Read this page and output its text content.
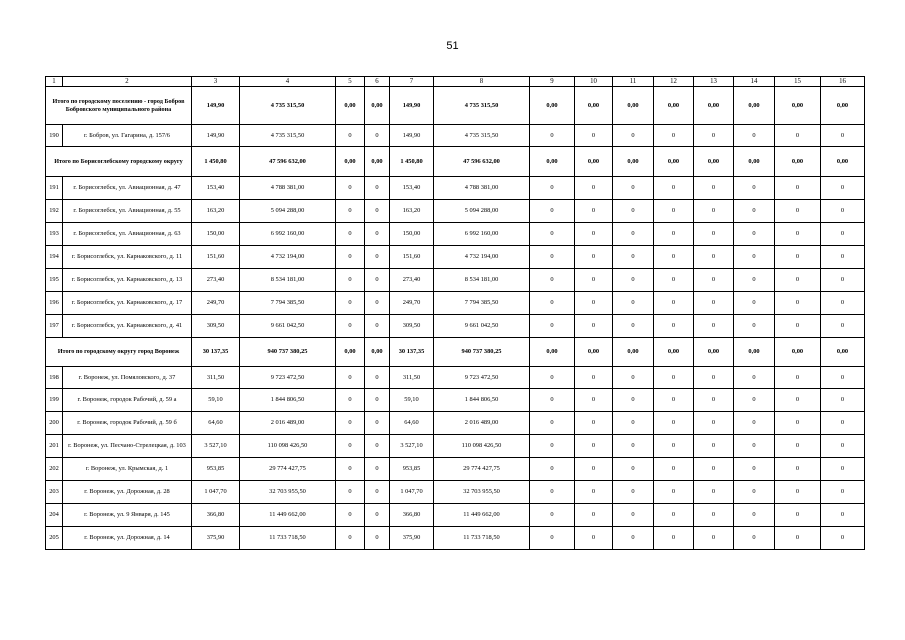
51
1	2	3	4	5	6	7	8	9	10	11	12	13	14	15	16
Итого по городскому поселению - город Бобров Бобровского муниципального района		149,90	4 735 315,50	0,00	0,00	149,90	4 735 315,50	0,00	0,00	0,00	0,00	0,00	0,00	0,00	0,00
190	г. Бобров, ул. Гагарина, д. 157/6	149,90	4 735 315,50	0	0	149,90	4 735 315,50	0	0	0	0	0	0	0	0
Итого по Борисоглебскому городскому округу		1 450,80	47 596 632,00	0,00	0,00	1 450,80	47 596 632,00	0,00	0,00	0,00	0,00	0,00	0,00	0,00	0,00
191	г. Борисоглебск, ул. Авиационная, д. 47	153,40	4 788 381,00	0	0	153,40	4 788 381,00	0	0	0	0	0	0	0	0
192	г. Борисоглебск, ул. Авиационная, д. 55	163,20	5 094 288,00	0	0	163,20	5 094 288,00	0	0	0	0	0	0	0	0
193	г. Борисоглебск, ул. Авиационная, д. 63	150,00	6 992 160,00	0	0	150,00	6 992 160,00	0	0	0	0	0	0	0	0
194	г. Борисоглебск, ул. Карнаковского, д. 11	151,60	4 732 194,00	0	0	151,60	4 732 194,00	0	0	0	0	0	0	0	0
195	г. Борисоглебск, ул. Карнаковского, д. 13	273,40	8 534 181,00	0	0	273,40	8 534 181,00	0	0	0	0	0	0	0	0
196	г. Борисоглебск, ул. Карнаковского, д. 17	249,70	7 794 385,50	0	0	249,70	7 794 385,50	0	0	0	0	0	0	0	0
197	г. Борисоглебск, ул. Карнаковского, д. 41	309,50	9 661 042,50	0	0	309,50	9 661 042,50	0	0	0	0	0	0	0	0
Итого по городскому округу город Воронеж		30 137,35	940 737 380,25	0,00	0,00	30 137,35	940 737 380,25	0,00	0,00	0,00	0,00	0,00	0,00	0,00	0,00
198	г. Воронеж, ул. Помяловского, д. 37	311,50	9 723 472,50	0	0	311,50	9 723 472,50	0	0	0	0	0	0	0	0
199	г. Воронеж, городок Рабочий, д. 59 а	59,10	1 844 806,50	0	0	59,10	1 844 806,50	0	0	0	0	0	0	0	0
200	г. Воронеж, городок Рабочий, д. 59 б	64,60	2 016 489,00	0	0	64,60	2 016 489,00	0	0	0	0	0	0	0	0
201	г. Воронеж, ул. Песчано-Стрелецкая, д. 103	3 527,10	110 098 426,50	0	0	3 527,10	110 098 426,50	0	0	0	0	0	0	0	0
202	г. Воронеж, ул. Крымская, д. 1	953,85	29 774 427,75	0	0	953,85	29 774 427,75	0	0	0	0	0	0	0	0
203	г. Воронеж, ул. Дорожная, д. 28	1 047,70	32 703 955,50	0	0	1 047,70	32 703 955,50	0	0	0	0	0	0	0	0
204	г. Воронеж, ул. 9 Января, д. 145	366,80	11 449 662,00	0	0	366,80	11 449 662,00	0	0	0	0	0	0	0	0
205	г. Воронеж, ул. Дорожная, д. 14	375,90	11 733 718,50	0	0	375,90	11 733 718,50	0	0	0	0	0	0	0	0
